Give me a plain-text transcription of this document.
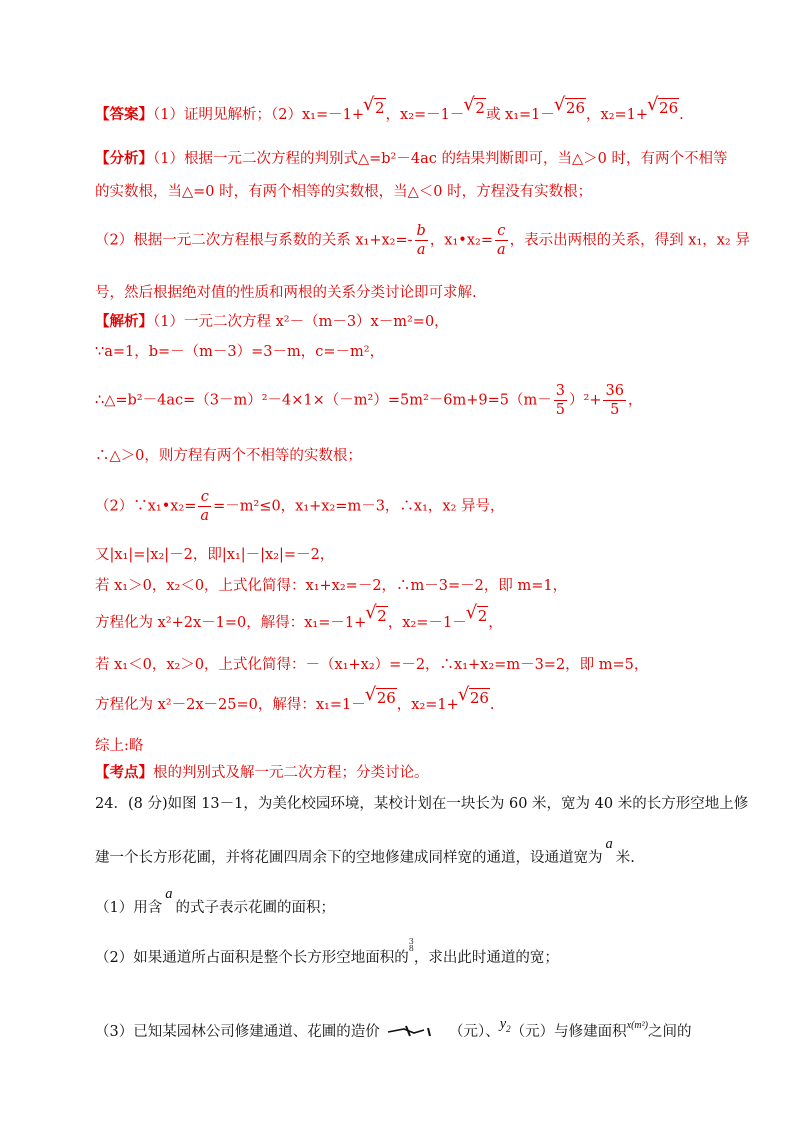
【答案】（1）证明见解析；（2）x₁=－1+ √ 2，x₂=－1－ √ 2或 x₁=1－ √ 26，x₂=1+ √ 26.
【分析】（1）根据一元二次方程的判别式△=b²－4ac 的结果判断即可，当△＞0 时，有两个不相等
的实数根，当△=0 时，有两个相等的实数根，当△＜0 时，方程没有实数根；
（2）根据一元二次方程根与系数的关系 $x_1+x_2=- \frac{b}{a}$ ，x₁•x₂= $\frac{c}{a}$ ，表示出两根的关系，得到 x₁，x₂ 异
号，然后根据绝对值的性质和两根的关系分类讨论即可求解.
【解析】（1）一元二次方程 x²－（m－3）x－m²=0，
∵a=1，b=－（m－3）=3－m，c=－m²，
∴△=b²－4ac=（3－m）²－4×1×（－m²）=5m²－6m+9=5（m－ $\frac{3}{5} )^2+ \frac{36}{5}$ ，
∴△＞0，则方程有两个不相等的实数根；
（2）∵x₁•x₂= $\frac{c}{a} =-m^2\le 0$，x₁+x₂=m－3，∴x₁，x₂ 异号，
又|x₁|=|x₂|－2，即|x₁|－|x₂|=－2，
若 x₁＞0，x₂＜0，上式化简得：x₁+x₂=－2，∴m－3=－2，即 m=1，
方程化为 x²+2x－1=0，解得：x₁=－1+ √ 2，x₂=－1－ √ 2，
若 x₁＜0，x₂＞0，上式化简得：－（x₁+x₂）=－2，∴x₁+x₂=m－3=2，即 m=5，
方程化为 x²－2x－25=0，解得：x₁=1－ √ 26，x₂=1+ √ 26.
综上:略
【考点】根的判别式及解一元二次方程；分类讨论。
24．(8 分)如图 13－1，为美化校园环境，某校计划在一块长为 60 米，宽为 40 米的长方形空地上修
建一个长方形花圃，并将花圃四周余下的空地修建成同样宽的通道，设通道宽为a米.
（1）用含a的式子表示花圃的面积；
（2）如果通道所占面积是整个长方形空地面积的
3
8
，求出此时通道的宽；
（3）已知某园林公司修建通道、花圃的造价	（元）、$y_2$（元）与修建面积$^{x(m^2)}$之间的
